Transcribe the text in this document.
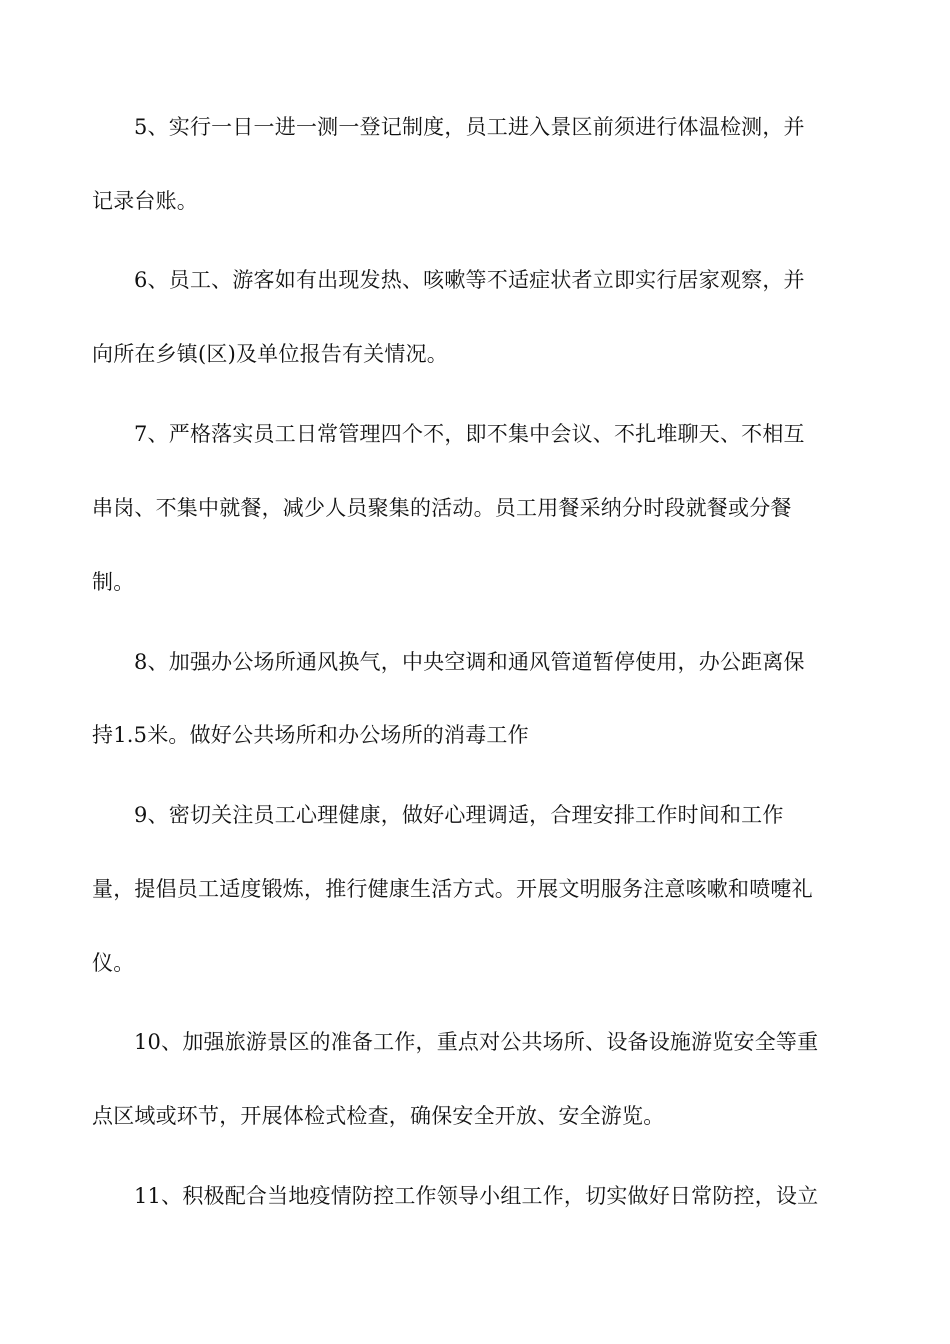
5、实行一日一进一测一登记制度，员工进入景区前须进行体温检测，并
记录台账。
6、员工、游客如有出现发热、咳嗽等不适症状者立即实行居家观察，并
向所在乡镇(区)及单位报告有关情况。
7、严格落实员工日常管理四个不，即不集中会议、不扎堆聊天、不相互
串岗、不集中就餐，减少人员聚集的活动。员工用餐采纳分时段就餐或分餐
制。
8、加强办公场所通风换气，中央空调和通风管道暂停使用，办公距离保
持1.5米。做好公共场所和办公场所的消毒工作
9、密切关注员工心理健康，做好心理调适，合理安排工作时间和工作
量，提倡员工适度锻炼，推行健康生活方式。开展文明服务注意咳嗽和喷嚏礼
仪。
10、加强旅游景区的准备工作，重点对公共场所、设备设施游览安全等重
点区域或环节，开展体检式检查，确保安全开放、安全游览。
11、积极配合当地疫情防控工作领导小组工作，切实做好日常防控，设立
